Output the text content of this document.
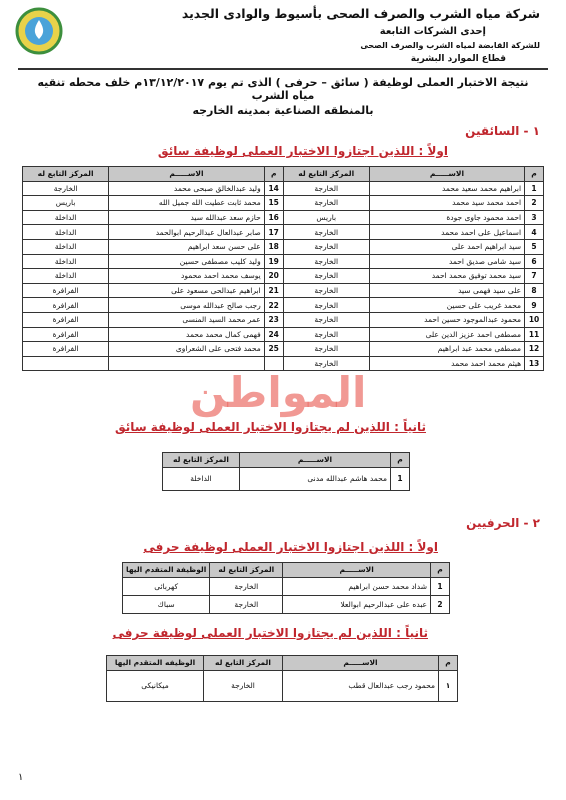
شركة مياه الشرب والصرف الصحى بأسيوط والوادى الجديد
إحدى الشركات التابعة
للشركة القابضة لمياه الشرب والصرف الصحى
قطاع الموارد البشرية
نتيجة الاختبار العملى لوظيفة ( سائق – حرفى ) الذى تم يوم ١٣/١٢/٢٠١٧م خلف محطه تنقيه مياه الشرب
بالمنطقه الصناعية بمدينه الخارجه
١ - السائقين
اولاً : اللذين اجتازوا الاختبار العملى لوظيفة سائق
م	الاســـــم	المركز التابع له	م	الاســـــم	المركز التابع له
1	ابراهيم محمد سعيد محمد	الخارجة	14	وليد عبدالخالق صبحى محمد	الخارجة
2	احمد محمد سيد محمد	الخارجة	15	محمد ثابت عطيت الله جميل الله	باريس
3	احمد محمود جاوى جودة	باريس	16	حازم سعد عبدالله سيد	الداخلة
4	اسماعيل على احمد محمد	الخارجة	17	صابر عبدالعال عبدالرحيم ابوالحمد	الداخلة
5	سيد ابراهيم احمد على	الخارجة	18	على حسن سعد ابراهيم	الداخلة
6	سيد شامى صديق احمد	الخارجة	19	وليد كليب مصطفى حسين	الداخلة
7	سيد محمد توفيق محمد احمد	الخارجة	20	يوسف محمد احمد محمود	الداخلة
8	على سيد فهمى سيد	الخارجة	21	ابراهيم عبدالحى مسعود على	الفرافرة
9	محمد غريب على حسين	الخارجة	22	رجب صالح عبدالله موسى	الفرافرة
10	محمود عبدالموجود حسين احمد	الخارجة	23	عمر محمد السيد المنسى	الفرافرة
11	مصطفى احمد عزيز الدين على	الخارجة	24	فهمى كمال محمد محمد	الفرافرة
12	مصطفى محمد عبد ابراهيم	الخارجة	25	محمد فتحى على الشعراوى	الفرافرة
13	هيثم محمد احمد محمد	الخارجة			
المواطن
ثانياً : اللذين لم يجتازوا الاختبار العملى لوظيفة سائق
م	الاســـــم	المركز التابع له
1	محمد هاشم عبدالله مدنى	الداخلة
٢ - الحرفيين
اولاً : اللذين اجتازوا الاختبار العملى لوظيفة حرفى
م	الاســـــم	المركز التابع له	الوظيفة المتقدم اليها
1	شداد محمد حسن ابراهيم	الخارجة	كهربائى
2	عبده على عبدالرحيم ابوالعلا	الخارجة	سباك
ثانياً : اللذين لم يجتازوا الاختبار العملى لوظيفة حرفى
م	الاســـــم	المركز التابع له	الوظيفه المتقدم اليها
١	محمود رجب عبدالعال قطب	الخارجة	ميكانيكى
١
